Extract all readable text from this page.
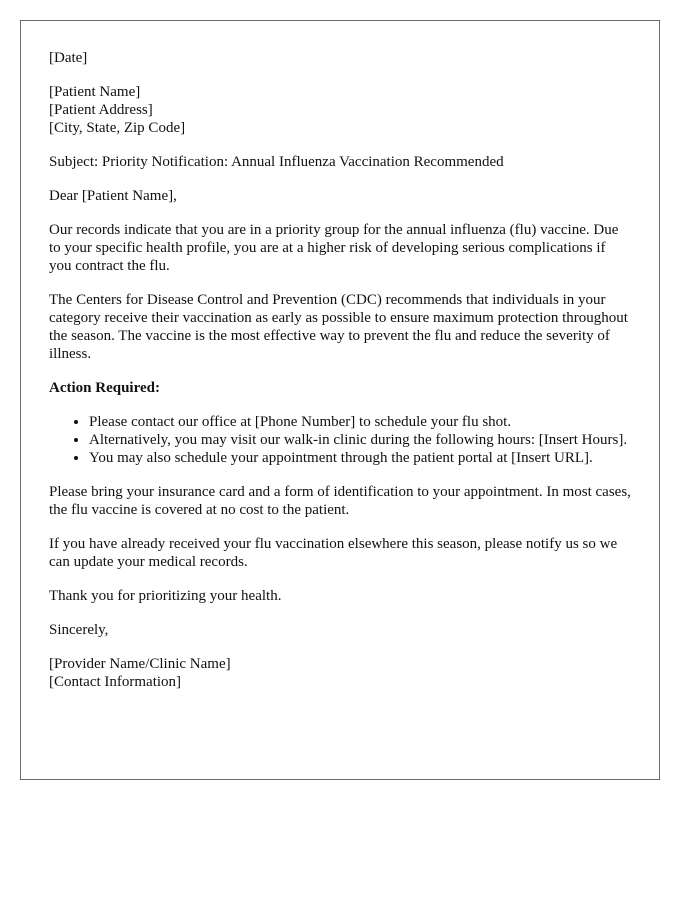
[Date]

[Patient Name]
[Patient Address]
[City, State, Zip Code]

Subject: Priority Notification: Annual Influenza Vaccination Recommended

Dear [Patient Name],

Our records indicate that you are in a priority group for the annual influenza (flu) vaccine. Due to your specific health profile, you are at a higher risk of developing serious complications if you contract the flu.

The Centers for Disease Control and Prevention (CDC) recommends that individuals in your category receive their vaccination as early as possible to ensure maximum protection throughout the season. The vaccine is the most effective way to prevent the flu and reduce the severity of illness.

Action Required:

• Please contact our office at [Phone Number] to schedule your flu shot.
• Alternatively, you may visit our walk-in clinic during the following hours: [Insert Hours].
• You may also schedule your appointment through the patient portal at [Insert URL].

Please bring your insurance card and a form of identification to your appointment. In most cases, the flu vaccine is covered at no cost to the patient.

If you have already received your flu vaccination elsewhere this season, please notify us so we can update your medical records.

Thank you for prioritizing your health.

Sincerely,

[Provider Name/Clinic Name]
[Contact Information]
